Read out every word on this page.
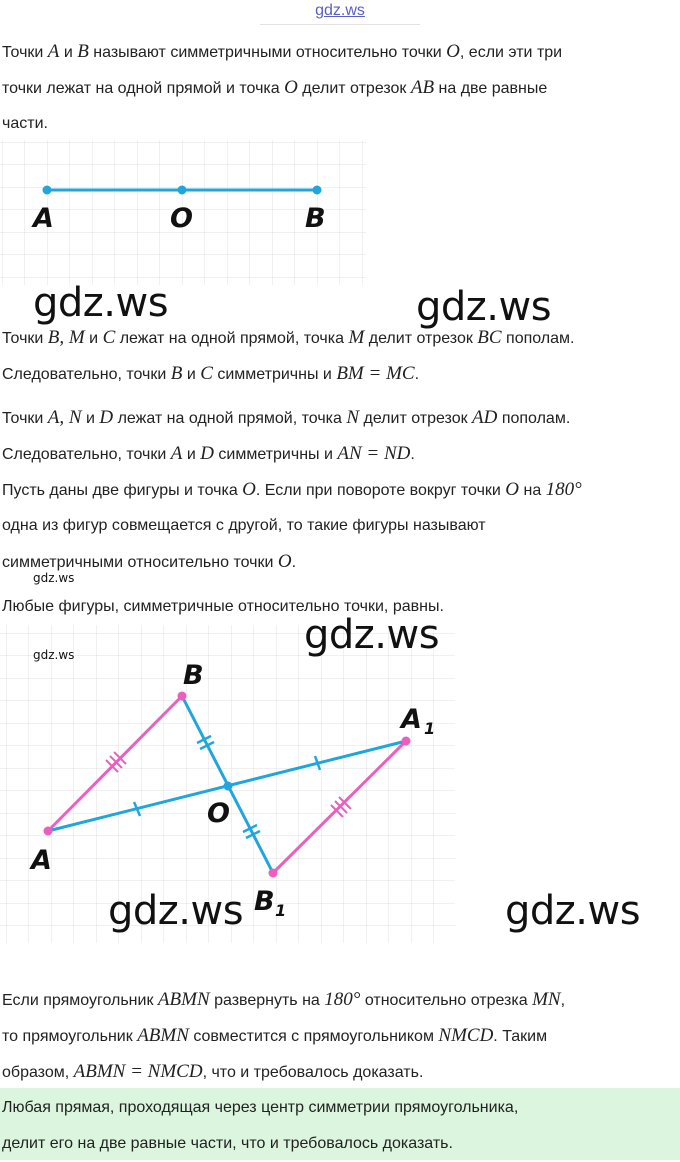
gdz.ws
Точки A и B называют симметричными относительно точки O, если эти три
точки лежат на одной прямой и точка O делит отрезок AB на две равные
части.
A	O	B
gdz.ws	gdz.ws
Точки B, M и C лежат на одной прямой, точка M делит отрезок BC пополам.
Следовательно, точки B и C симметричны и BM = MC.
Точки A, N и D лежат на одной прямой, точка N делит отрезок AD пополам.
Следовательно, точки A и D симметричны и AN = ND.
Пусть даны две фигуры и точка O. Если при повороте вокруг точки O на 180°
одна из фигур совмещается с другой, то такие фигуры называют
симметричными относительно точки O.
gdz.ws
Любые фигуры, симметричные относительно точки, равны.
B
A 1
O
A
B 1
gdz.ws	gdz.ws
gdz.ws	gdz.ws
Если прямоугольник ABMN развернуть на 180° относительно отрезка MN,
то прямоугольник ABMN совместится с прямоугольником NMCD. Таким
образом, ABMN = NMCD, что и требовалось доказать.
Любая прямая, проходящая через центр симметрии прямоугольника,
делит его на две равные части, что и требовалось доказать.
